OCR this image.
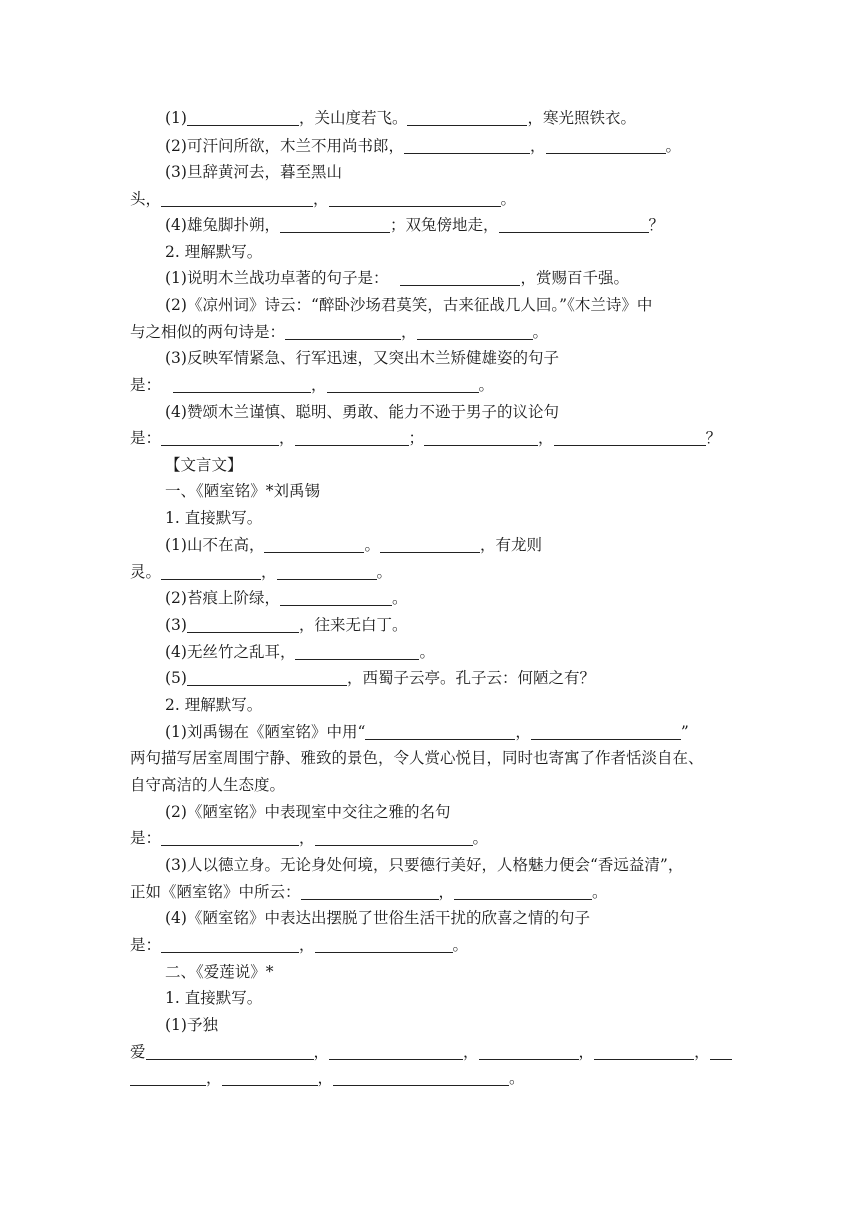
(1)	，关山度若飞。	，寒光照铁衣。
(2)可汗问所欲，木兰不用尚书郎，	，	。
(3)旦辞黄河去，暮至黑山
头，	，	。
(4)雄兔脚扑朔，	；双兔傍地走，	？
2. 理解默写。
(1)说明木兰战功卓著的句子是：	，赏赐百千强。
(2)《凉州词》诗云：“醉卧沙场君莫笑，古来征战几人回。”《木兰诗》中
与之相似的两句诗是：	，	。
(3)反映军情紧急、行军迅速，又突出木兰矫健雄姿的句子
是：	，	。
(4)赞颂木兰谨慎、聪明、勇敢、能力不逊于男子的议论句
是：	，	；	，	？
【文言文】
一、《陋室铭》*刘禹锡
1. 直接默写。
(1)山不在高，	。	，有龙则
灵。	，	。
(2)苔痕上阶绿，	。
(3)	，往来无白丁。
(4)无丝竹之乱耳，	。
(5)	，西蜀子云亭。孔子云：何陋之有？
2. 理解默写。
(1)刘禹锡在《陋室铭》中用“	，	”
两句描写居室周围宁静、雅致的景色，令人赏心悦目，同时也寄寓了作者恬淡自在、
自守高洁的人生态度。
(2)《陋室铭》中表现室中交往之雅的名句
是：	，	。
(3)人以德立身。无论身处何境，只要德行美好，人格魅力便会“香远益清”，
正如《陋室铭》中所云：	，	。
(4)《陋室铭》中表达出摆脱了世俗生活干扰的欣喜之情的句子
是：	，	。
二、《爱莲说》*
1. 直接默写。
(1)予独
爱	，	，	，	，
，	，	。
